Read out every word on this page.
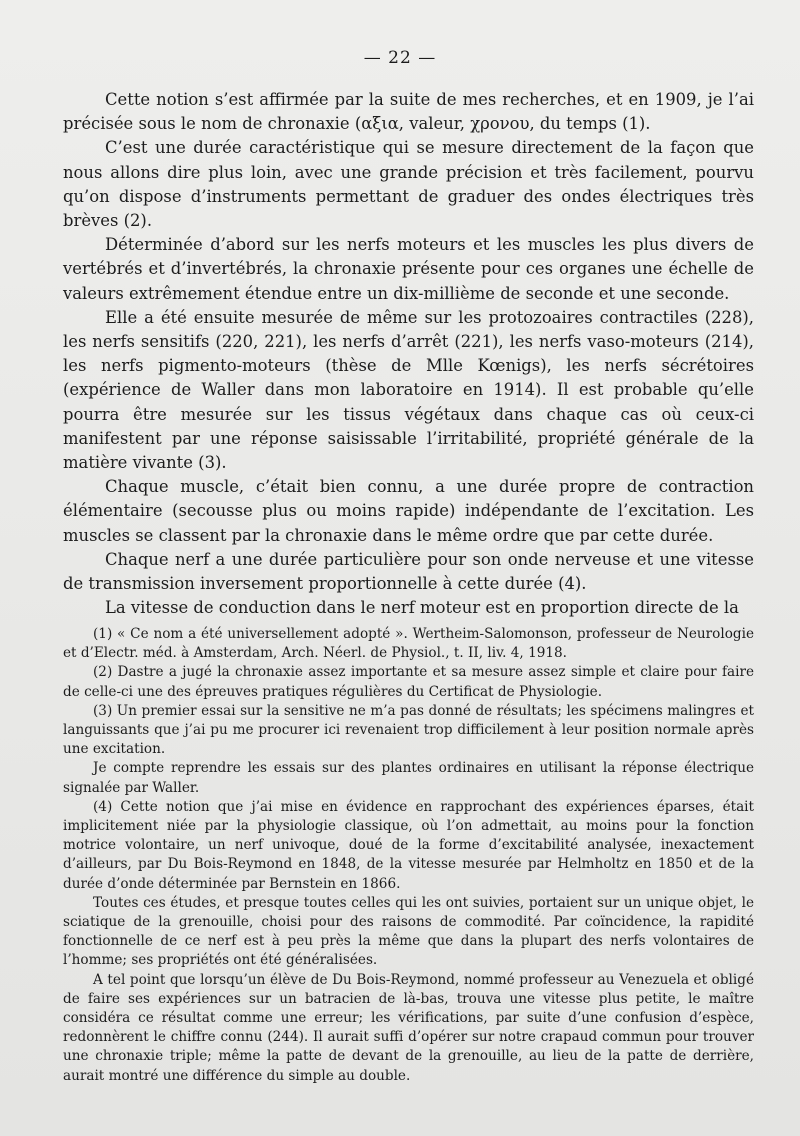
— 22 —

Cette notion s’est affirmée par la suite de mes recherches, et en 1909, je l’ai précisée sous le nom de chronaxie (αξια, valeur, χρονου, du temps (1).

C’est une durée caractéristique qui se mesure directement de la façon que nous allons dire plus loin, avec une grande précision et très facilement, pourvu qu’on dispose d’instruments permettant de graduer des ondes électriques très brèves (2).

Déterminée d’abord sur les nerfs moteurs et les muscles les plus divers de vertébrés et d’invertébrés, la chronaxie présente pour ces organes une échelle de valeurs extrêmement étendue entre un dix-millième de seconde et une seconde.

Elle a été ensuite mesurée de même sur les protozoaires contractiles (228), les nerfs sensitifs (220, 221), les nerfs d’arrêt (221), les nerfs vaso-moteurs (214), les nerfs pigmento-moteurs (thèse de Mlle Kœnigs), les nerfs sécrétoires (expérience de Waller dans mon laboratoire en 1914). Il est probable qu’elle pourra être mesurée sur les tissus végétaux dans chaque cas où ceux-ci manifestent par une réponse saisissable l’irritabilité, propriété générale de la matière vivante (3).

Chaque muscle, c’était bien connu, a une durée propre de contraction élémentaire (secousse plus ou moins rapide) indépendante de l’excitation. Les muscles se classent par la chronaxie dans le même ordre que par cette durée.

Chaque nerf a une durée particulière pour son onde nerveuse et une vitesse de transmission inversement proportionnelle à cette durée (4).

La vitesse de conduction dans le nerf moteur est en proportion directe de la

(1) « Ce nom a été universellement adopté ». Wertheim-Salomonson, professeur de Neurologie et d’Electr. méd. à Amsterdam, Arch. Néerl. de Physiol., t. II, liv. 4, 1918.

(2) Dastre a jugé la chronaxie assez importante et sa mesure assez simple et claire pour faire de celle-ci une des épreuves pratiques régulières du Certificat de Physiologie.

(3) Un premier essai sur la sensitive ne m’a pas donné de résultats; les spécimens malingres et languissants que j’ai pu me procurer ici revenaient trop difficilement à leur position normale après une excitation.

Je compte reprendre les essais sur des plantes ordinaires en utilisant la réponse électrique signalée par Waller.

(4) Cette notion que j’ai mise en évidence en rapprochant des expériences éparses, était implicitement niée par la physiologie classique, où l’on admettait, au moins pour la fonction motrice volontaire, un nerf univoque, doué de la forme d’excitabilité analysée, inexactement d’ailleurs, par Du Bois-Reymond en 1848, de la vitesse mesurée par Helmholtz en 1850 et de la durée d’onde déterminée par Bernstein en 1866.

Toutes ces études, et presque toutes celles qui les ont suivies, portaient sur un unique objet, le sciatique de la grenouille, choisi pour des raisons de commodité. Par coïncidence, la rapidité fonctionnelle de ce nerf est à peu près la même que dans la plupart des nerfs volontaires de l’homme; ses propriétés ont été généralisées.

A tel point que lorsqu’un élève de Du Bois-Reymond, nommé professeur au Venezuela et obligé de faire ses expériences sur un batracien de là-bas, trouva une vitesse plus petite, le maître considéra ce résultat comme une erreur; les vérifications, par suite d’une confusion d’espèce, redonnèrent le chiffre connu (244). Il aurait suffi d’opérer sur notre crapaud commun pour trouver une chronaxie triple; même la patte de devant de la grenouille, au lieu de la patte de derrière, aurait montré une différence du simple au double.
